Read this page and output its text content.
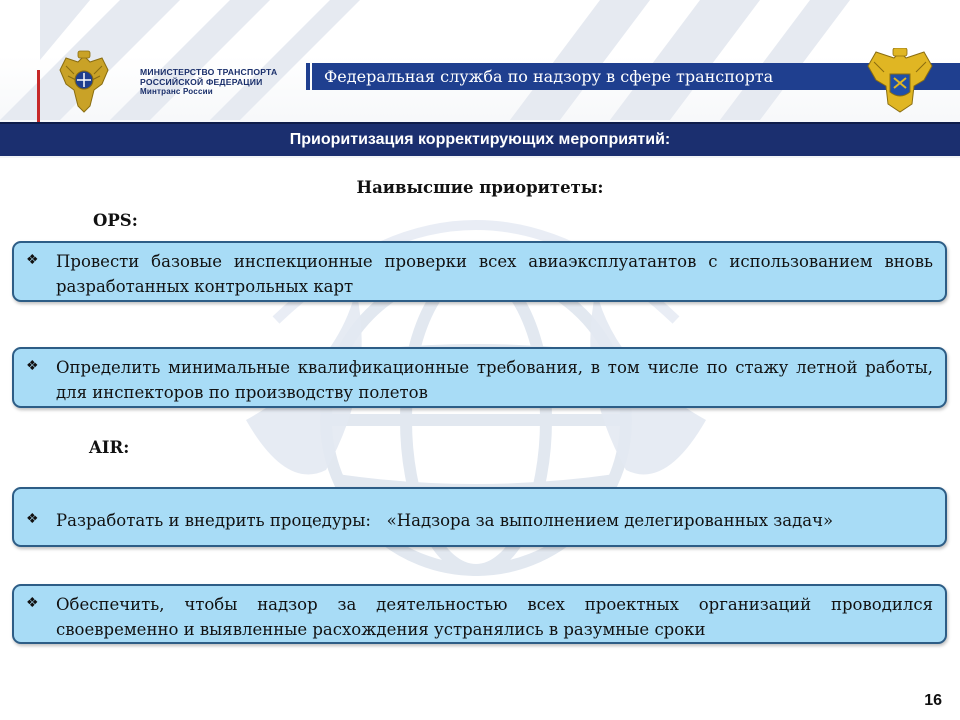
МИНИСТЕРСТВО ТРАНСПОРТА
РОССИЙСКОЙ ФЕДЕРАЦИИ
Минтранс России
Федеральная служба по надзору в сфере транспорта
Приоритизация корректирующих мероприятий:
Наивысшие приоритеты:
OPS:
❖ Провести базовые инспекционные проверки всех авиаэксплуатантов с использованием вновь разработанных контрольных карт
❖ Определить минимальные квалификационные требования, в том числе по стажу летной работы, для инспекторов по производству полетов
AIR:
❖ Разработать и внедрить процедуры:   «Надзора за выполнением делегированных задач»
❖ Обеспечить, чтобы надзор за деятельностью всех проектных организаций проводился своевременно и выявленные расхождения устранялись в разумные сроки
16
